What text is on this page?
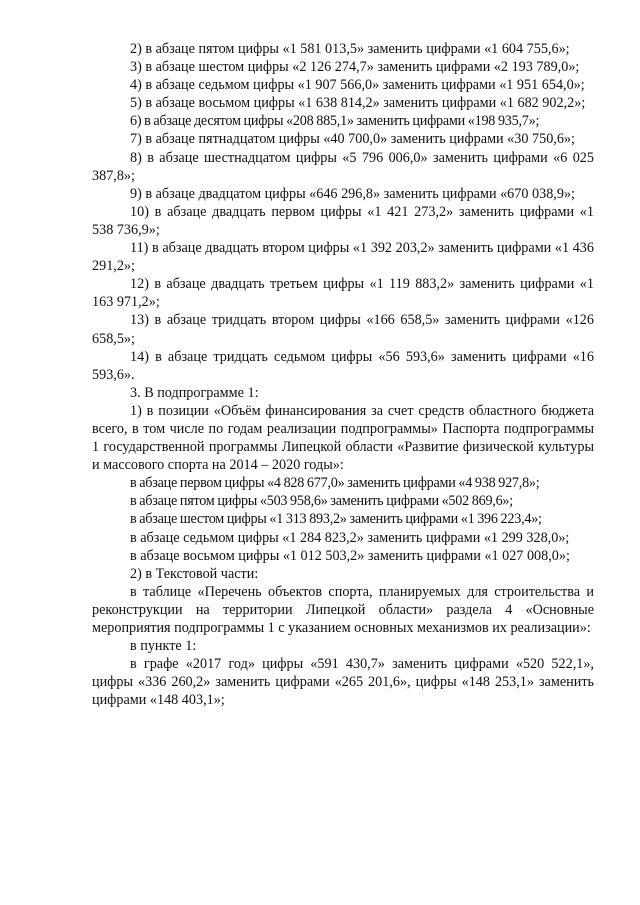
2) в абзаце пятом цифры «1 581 013,5» заменить цифрами «1 604 755,6»;

3) в абзаце шестом цифры «2 126 274,7» заменить цифрами «2 193 789,0»;

4) в абзаце седьмом цифры «1 907 566,0» заменить цифрами «1 951 654,0»;

5) в абзаце восьмом цифры «1 638 814,2» заменить цифрами «1 682 902,2»;

6) в абзаце десятом цифры «208 885,1» заменить цифрами «198 935,7»;

7) в абзаце пятнадцатом цифры «40 700,0» заменить цифрами «30 750,6»;

8) в абзаце шестнадцатом цифры «5 796 006,0» заменить цифрами «6 025 387,8»;

9) в абзаце двадцатом цифры «646 296,8» заменить цифрами «670 038,9»;

10) в абзаце двадцать первом цифры «1 421 273,2» заменить цифрами «1 538 736,9»;

11) в абзаце двадцать втором цифры «1 392 203,2» заменить цифрами «1 436 291,2»;

12) в абзаце двадцать третьем цифры «1 119 883,2» заменить цифрами «1 163 971,2»;

13) в абзаце тридцать втором цифры «166 658,5» заменить цифрами «126 658,5»;

14) в абзаце тридцать седьмом цифры «56 593,6» заменить цифрами «16 593,6».

3. В подпрограмме 1:

1) в позиции «Объём финансирования за счет средств областного бюджета всего, в том числе по годам реализации подпрограммы» Паспорта подпрограммы 1 государственной программы Липецкой области «Развитие физической культуры и массового спорта на 2014 – 2020 годы»:

в абзаце первом цифры «4 828 677,0» заменить цифрами «4 938 927,8»;

в абзаце пятом цифры «503 958,6» заменить цифрами «502 869,6»;

в абзаце шестом цифры «1 313 893,2» заменить цифрами «1 396 223,4»;

в абзаце седьмом цифры «1 284 823,2» заменить цифрами «1 299 328,0»;

в абзаце восьмом цифры «1 012 503,2» заменить цифрами «1 027 008,0»;

2) в Текстовой части:

в таблице «Перечень объектов спорта, планируемых для строительства и реконструкции на территории Липецкой области» раздела 4 «Основные мероприятия подпрограммы 1 с указанием основных механизмов их реализации»:

в пункте 1:

в графе «2017 год» цифры «591 430,7» заменить цифрами «520 522,1», цифры «336 260,2» заменить цифрами «265 201,6», цифры «148 253,1» заменить цифрами «148 403,1»;
